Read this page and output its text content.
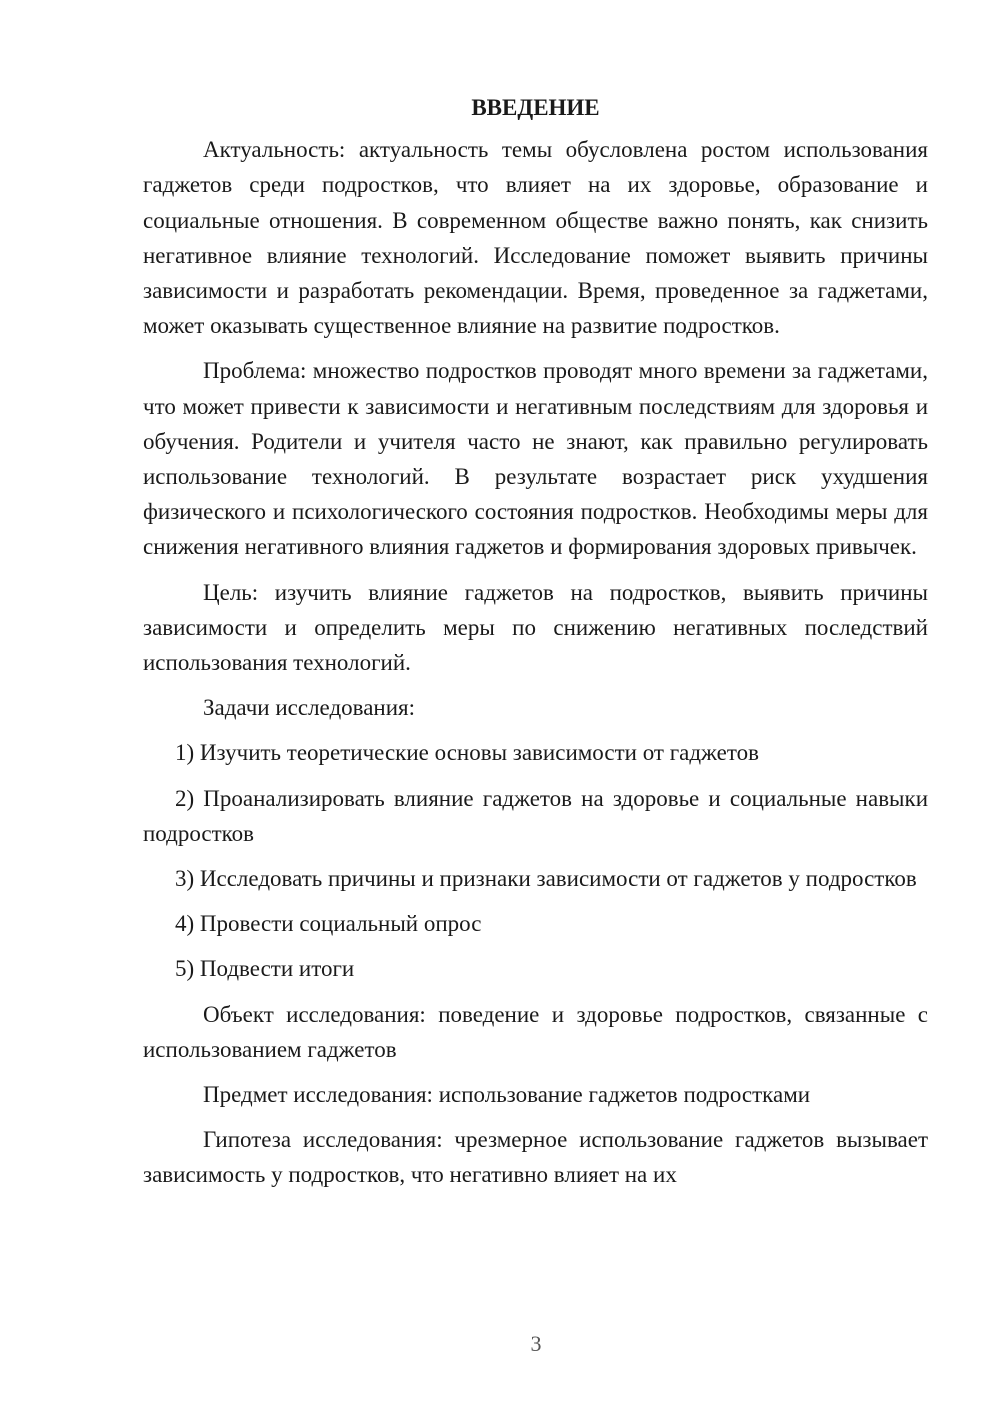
ВВЕДЕНИЕ

Актуальность: актуальность темы обусловлена ростом использования гаджетов среди подростков, что влияет на их здоровье, образование и социальные отношения. В современном обществе важно понять, как снизить негативное влияние технологий. Исследование поможет выявить причины зависимости и разработать рекомендации. Время, проведенное за гаджетами, может оказывать существенное влияние на развитие подростков.

Проблема: множество подростков проводят много времени за гаджетами, что может привести к зависимости и негативным последствиям для здоровья и обучения. Родители и учителя часто не знают, как правильно регулировать использование технологий. В результате возрастает риск ухудшения физического и психологического состояния подростков. Необходимы меры для снижения негативного влияния гаджетов и формирования здоровых привычек.

Цель: изучить влияние гаджетов на подростков, выявить причины зависимости и определить меры по снижению негативных последствий использования технологий.

Задачи исследования:

1) Изучить теоретические основы зависимости от гаджетов

2) Проанализировать влияние гаджетов на здоровье и социальные навыки подростков

3) Исследовать причины и признаки зависимости от гаджетов у подростков

4) Провести социальный опрос

5) Подвести итоги

Объект исследования: поведение и здоровье подростков, связанные с использованием гаджетов

Предмет исследования: использование гаджетов подростками

Гипотеза исследования: чрезмерное использование гаджетов вызывает зависимость у подростков, что негативно влияет на их

3
